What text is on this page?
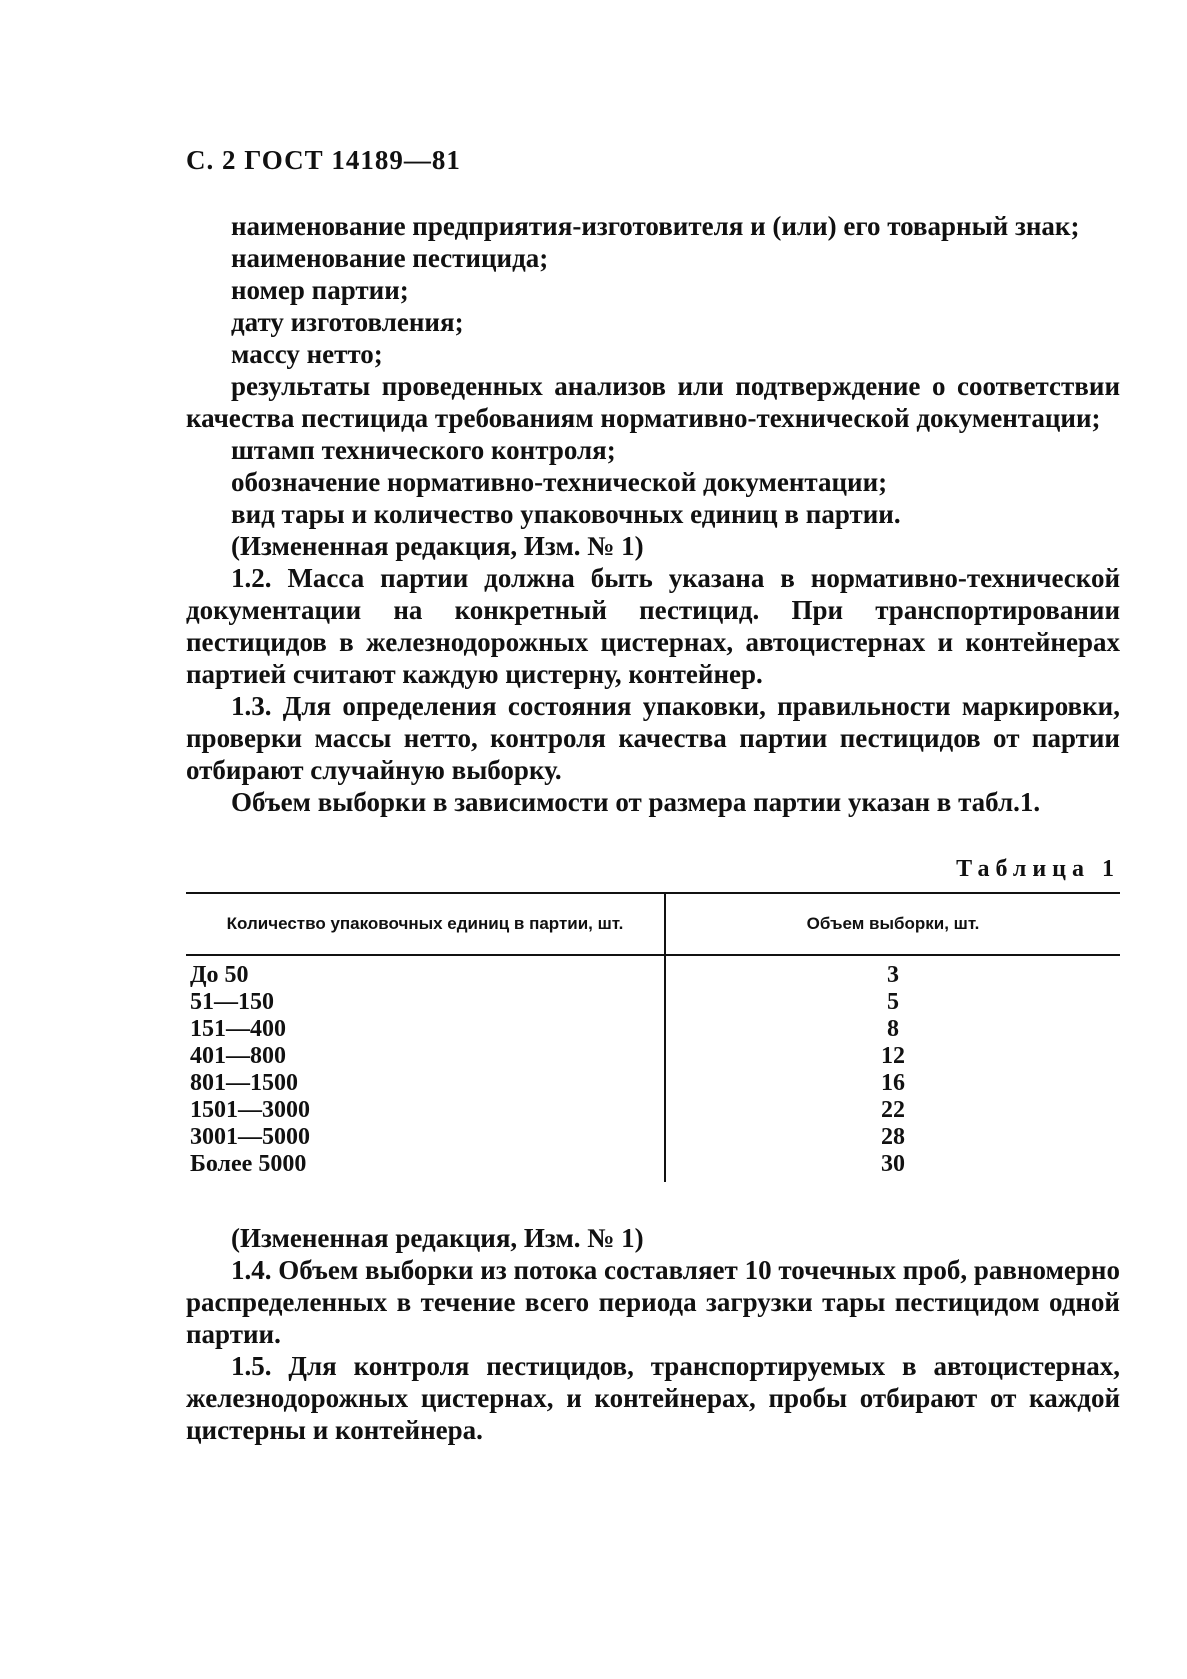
С. 2 ГОСТ 14189—81

наименование предприятия-изготовителя и (или) его товарный знак;

наименование пестицида;

номер партии;

дату изготовления;

массу нетто;

результаты проведенных анализов или подтверждение о соответствии качества пестицида требованиям нормативно-технической документации;

штамп технического контроля;

обозначение нормативно-технической документации;

вид тары и количество упаковочных единиц в партии.

(Измененная редакция, Изм. № 1)

1.2. Масса партии должна быть указана в нормативно-технической документации на конкретный пестицид. При транспортировании пестицидов в железнодорожных цистернах, автоцистернах и контейнерах партией считают каждую цистерну, контейнер.

1.3. Для определения состояния упаковки, правильности маркировки, проверки массы нетто, контроля качества партии пестицидов от партии отбирают случайную выборку.

Объем выборки в зависимости от размера партии указан в табл.1.

Таблица 1
Количество упаковочных единиц в партии, шт.	Объем выборки, шт.
До 50	3
51—150	5
151—400	8
401—800	12
801—1500	16
1501—3000	22
3001—5000	28
Более 5000	30

(Измененная редакция, Изм. № 1)

1.4. Объем выборки из потока составляет 10 точечных проб, равномерно распределенных в течение всего периода загрузки тары пестицидом одной партии.

1.5. Для контроля пестицидов, транспортируемых в автоцистернах, железнодорожных цистернах, и контейнерах, пробы отбирают от каждой цистерны и контейнера.
